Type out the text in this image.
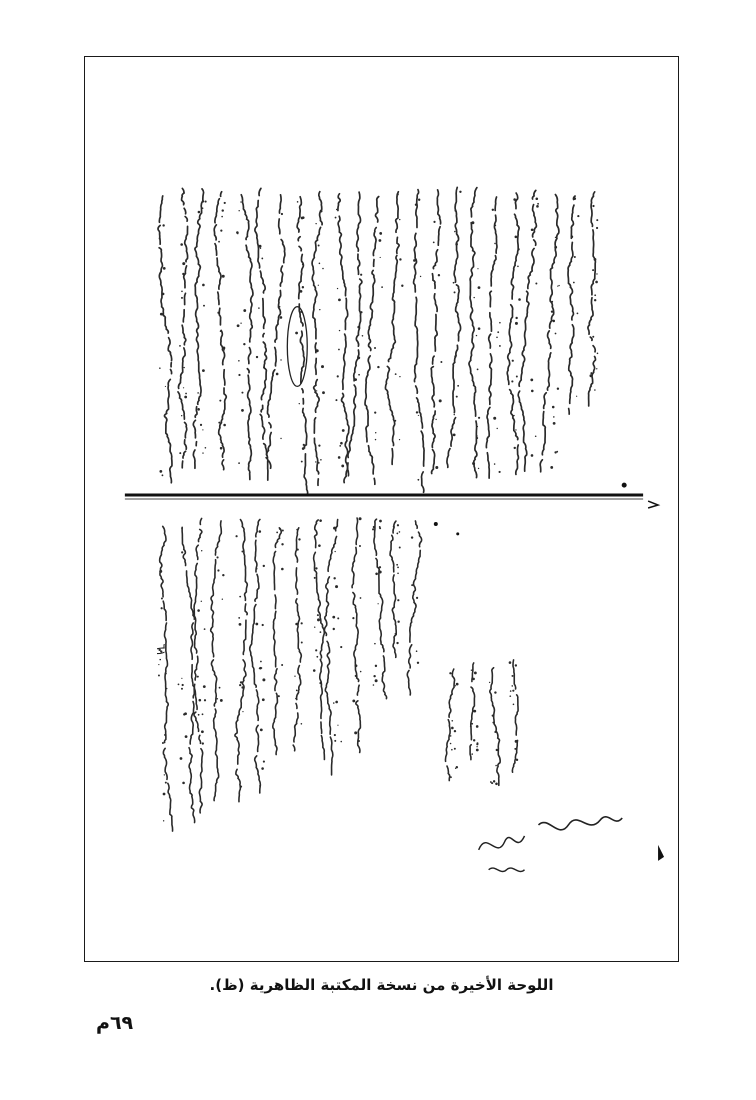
٦١٠
اللوحة الأخيرة من نسخة المكتبة الظاهرية (ظ).
٦٩م
